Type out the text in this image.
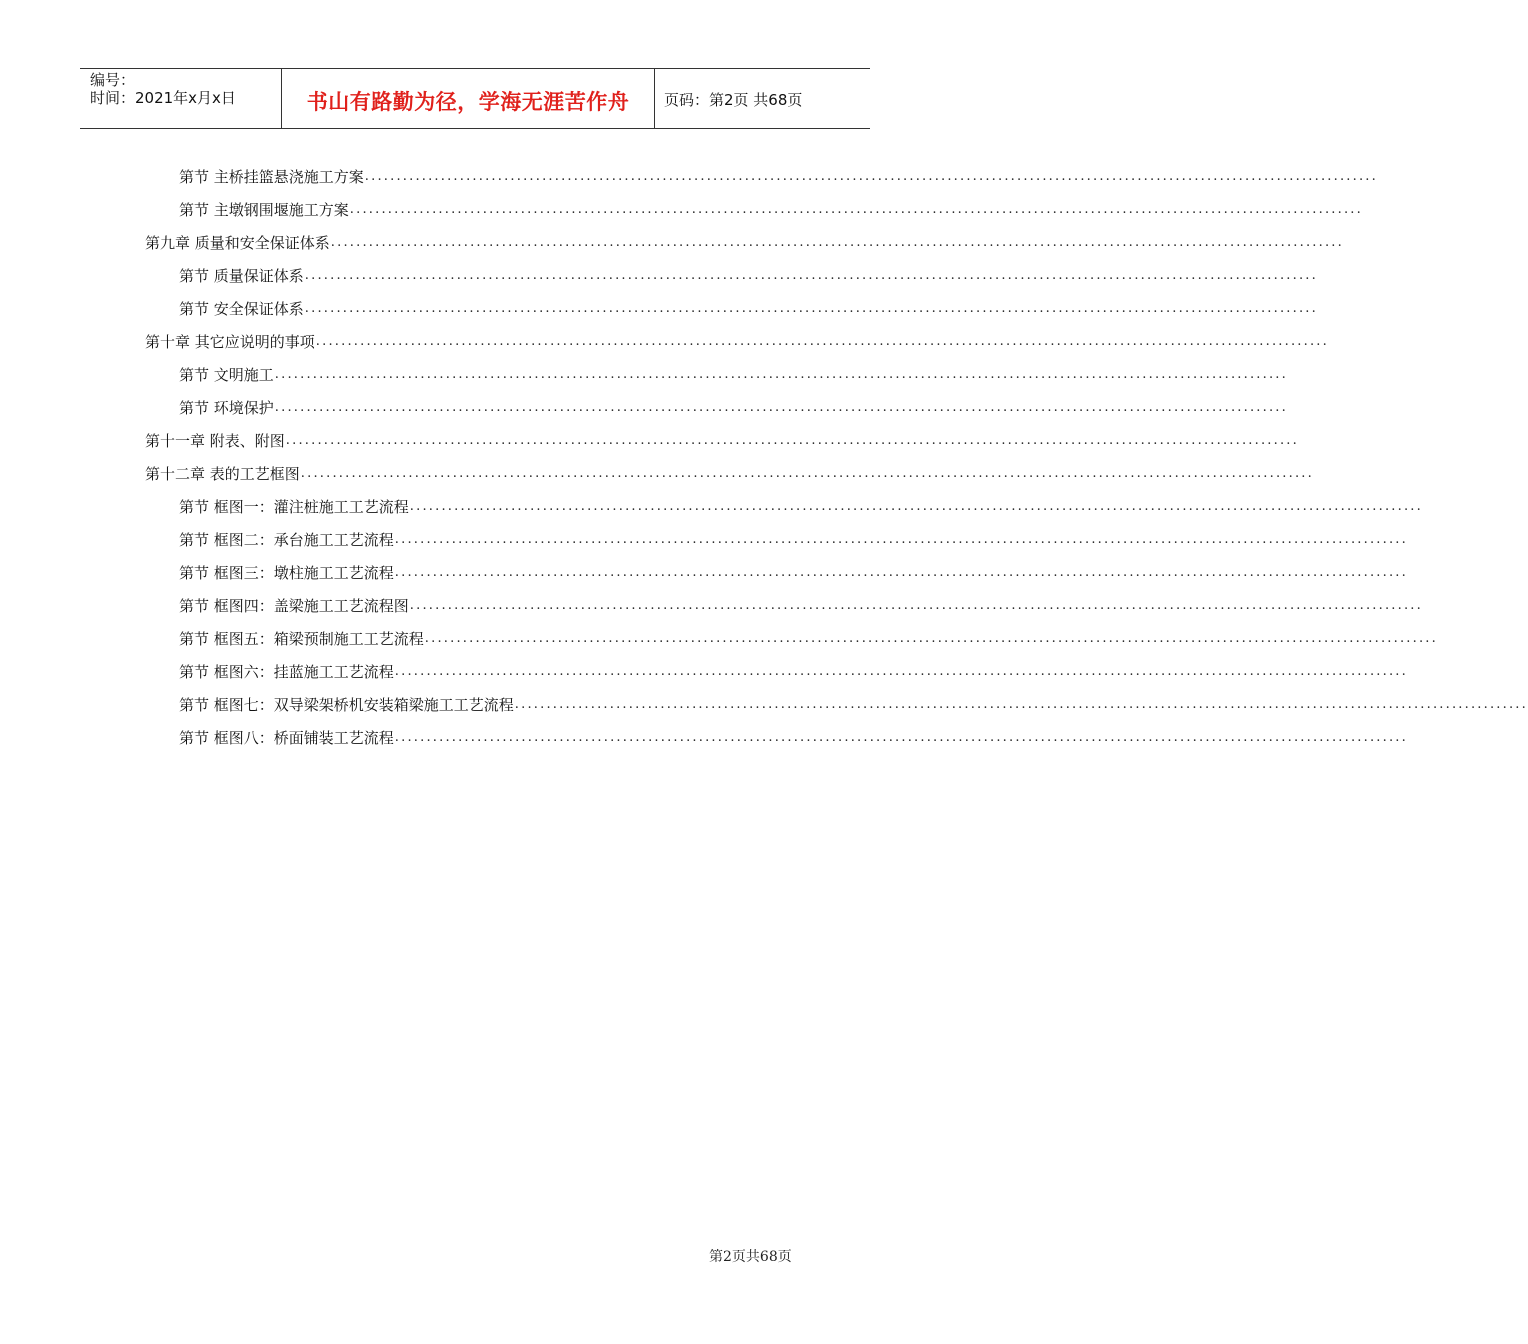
编号：
时间：2021年x月x日	书山有路勤为径，学海无涯苦作舟 页码：第2页 共68页
第节 主桥挂篮悬浇施工方案 ................................................................................................................................................................
第节 主墩钢围堰施工方案 ................................................................................................................................................................
第九章 质量和安全保证体系 ................................................................................................................................................................
第节 质量保证体系 ................................................................................................................................................................
第节 安全保证体系 ................................................................................................................................................................
第十章 其它应说明的事项 ................................................................................................................................................................
第节 文明施工 ................................................................................................................................................................
第节 环境保护 ................................................................................................................................................................
第十一章 附表、附图 ................................................................................................................................................................
第十二章 表的工艺框图 ................................................................................................................................................................
第节 框图一：灌注桩施工工艺流程 ................................................................................................................................................................
第节 框图二：承台施工工艺流程 ................................................................................................................................................................
第节 框图三：墩柱施工工艺流程 ................................................................................................................................................................
第节 框图四：盖梁施工工艺流程图 ................................................................................................................................................................
第节 框图五：箱梁预制施工工艺流程 ................................................................................................................................................................
第节 框图六：挂蓝施工工艺流程 ................................................................................................................................................................
第节 框图七：双导梁架桥机安装箱梁施工工艺流程 ................................................................................................................................................................
第节 框图八：桥面铺装工艺流程 ................................................................................................................................................................
第2页共68页
